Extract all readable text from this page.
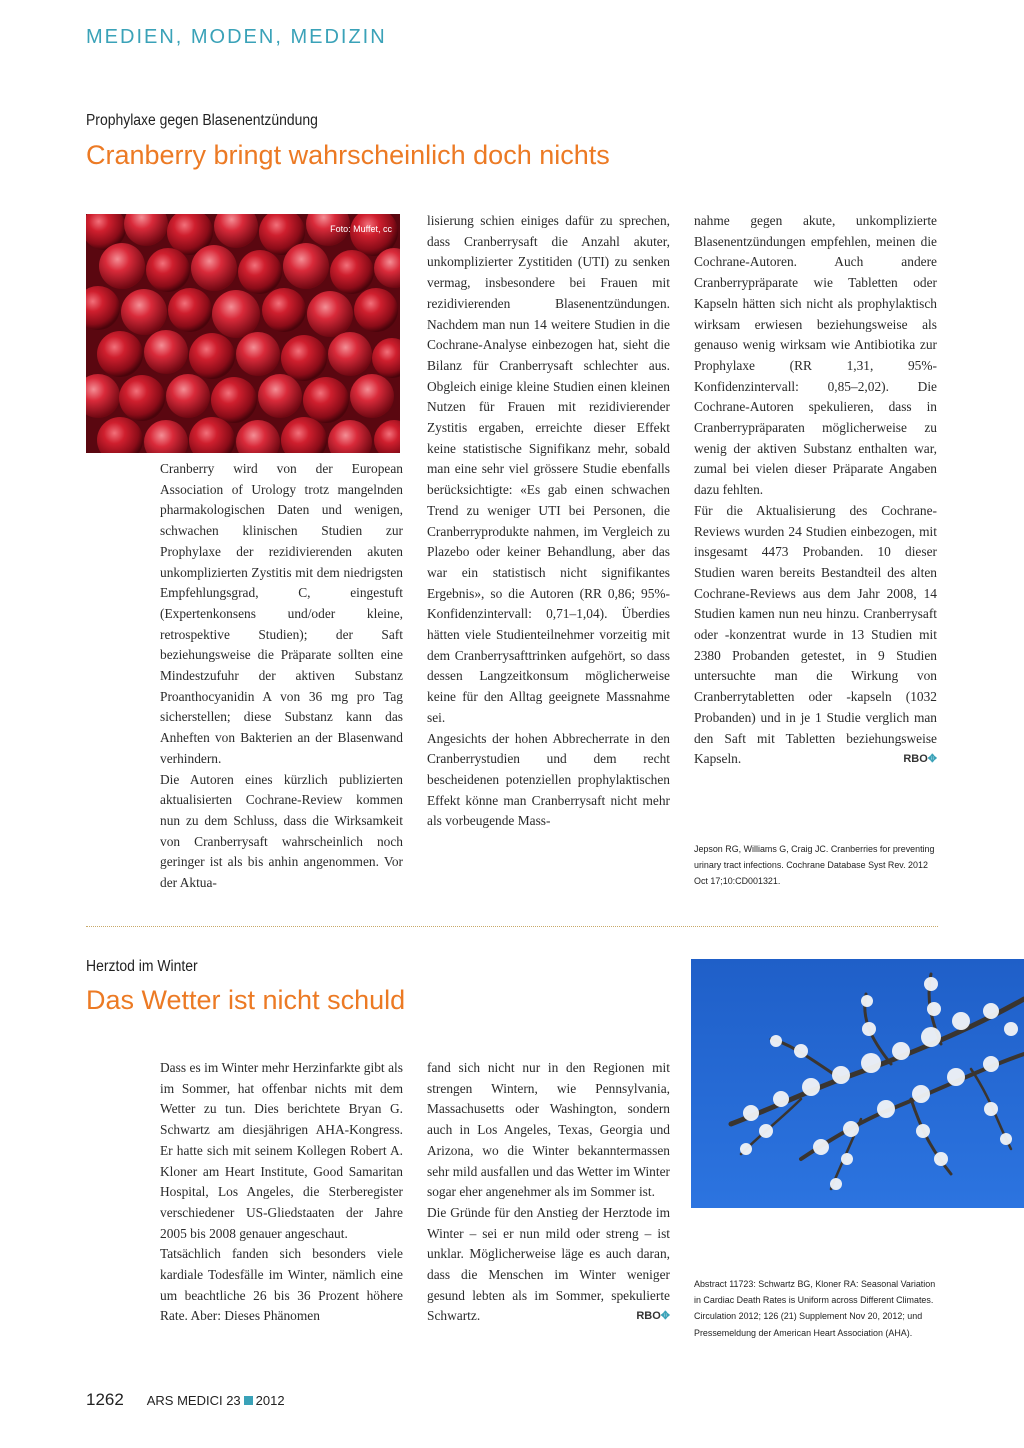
MEDIEN, MODEN, MEDIZIN
Prophylaxe gegen Blasenentzündung
Cranberry bringt wahrscheinlich doch nichts
Foto: Muffet, cc

Cranberry wird von der European Association of Urology trotz mangelnden pharmakologischen Daten und wenigen, schwachen klinischen Studien zur Prophylaxe der rezidivierenden akuten unkomplizierten Zystitis mit dem niedrigsten Empfehlungsgrad, C, eingestuft (Expertenkonsens und/oder kleine, retrospektive Studien); der Saft beziehungsweise die Präparate sollten eine Mindestzufuhr der aktiven Substanz Proanthocyanidin A von 36 mg pro Tag sicherstellen; diese Substanz kann das Anheften von Bakterien an der Blasenwand verhindern.

Die Autoren eines kürzlich publizierten aktualisierten Cochrane-Review kommen nun zu dem Schluss, dass die Wirksamkeit von Cranberrysaft wahrscheinlich noch geringer ist als bis anhin angenommen. Vor der Aktua-

lisierung schien einiges dafür zu sprechen, dass Cranberrysaft die Anzahl akuter, unkomplizierter Zystitiden (UTI) zu senken vermag, insbesondere bei Frauen mit rezidivierenden Blasenentzündungen. Nachdem man nun 14 weitere Studien in die Cochrane-Analyse einbezogen hat, sieht die Bilanz für Cranberrysaft schlechter aus. Obgleich einige kleine Studien einen kleinen Nutzen für Frauen mit rezidivierender Zystitis ergaben, erreichte dieser Effekt keine statistische Signifikanz mehr, sobald man eine sehr viel grössere Studie ebenfalls berücksichtigte: «Es gab einen schwachen Trend zu weniger UTI bei Personen, die Cranberryprodukte nahmen, im Vergleich zu Plazebo oder keiner Behandlung, aber das war ein statistisch nicht signifikantes Ergebnis», so die Autoren (RR 0,86; 95%-Konfidenzintervall: 0,71–1,04). Überdies hätten viele Studienteilnehmer vorzeitig mit dem Cranberrysafttrinken aufgehört, so dass dessen Langzeitkonsum möglicherweise keine für den Alltag geeignete Massnahme sei.

Angesichts der hohen Abbrecherrate in den Cranberrystudien und dem recht bescheidenen potenziellen prophylaktischen Effekt könne man Cranberrysaft nicht mehr als vorbeugende Mass-

nahme gegen akute, unkomplizierte Blasenentzündungen empfehlen, meinen die Cochrane-Autoren. Auch andere Cranberrypräparate wie Tabletten oder Kapseln hätten sich nicht als prophylaktisch wirksam erwiesen beziehungsweise als genauso wenig wirksam wie Antibiotika zur Prophylaxe (RR 1,31, 95%-Konfidenzintervall: 0,85–2,02). Die Cochrane-Autoren spekulieren, dass in Cranberrypräparaten möglicherweise zu wenig der aktiven Substanz enthalten war, zumal bei vielen dieser Präparate Angaben dazu fehlten.

Für die Aktualisierung des Cochrane-Reviews wurden 24 Studien einbezogen, mit insgesamt 4473 Probanden. 10 dieser Studien waren bereits Bestandteil des alten Cochrane-Reviews aus dem Jahr 2008, 14 Studien kamen nun neu hinzu. Cranberrysaft oder -konzentrat wurde in 13 Studien mit 2380 Probanden getestet, in 9 Studien untersuchte man die Wirkung von Cranberrytabletten oder -kapseln (1032 Probanden) und in je 1 Studie verglich man den Saft mit Tabletten beziehungsweise Kapseln.	RBO✥

Jepson RG, Williams G, Craig JC. Cranberries for preventing urinary tract infections. Cochrane Database Syst Rev. 2012 Oct 17;10:CD001321.
Herztod im Winter
Das Wetter ist nicht schuld

Dass es im Winter mehr Herzinfarkte gibt als im Sommer, hat offenbar nichts mit dem Wetter zu tun. Dies berichtete Bryan G. Schwartz am diesjährigen AHA-Kongress. Er hatte sich mit seinem Kollegen Robert A. Kloner am Heart Institute, Good Samaritan Hospital, Los Angeles, die Sterberegister verschiedener US-Gliedstaaten der Jahre 2005 bis 2008 genauer angeschaut.

Tatsächlich fanden sich besonders viele kardiale Todesfälle im Winter, nämlich eine um beachtliche 26 bis 36 Prozent höhere Rate. Aber: Dieses Phänomen

fand sich nicht nur in den Regionen mit strengen Wintern, wie Pennsylvania, Massachusetts oder Washington, sondern auch in Los Angeles, Texas, Georgia und Arizona, wo die Winter bekanntermassen sehr mild ausfallen und das Wetter im Winter sogar eher angenehmer als im Sommer ist.

Die Gründe für den Anstieg der Herztode im Winter – sei er nun mild oder streng – ist unklar. Möglicherweise läge es auch daran, dass die Menschen im Winter weniger gesund lebten als im Sommer, spekulierte Schwartz.	RBO✥

Abstract 11723: Schwartz BG, Kloner RA: Seasonal Variation in Cardiac Death Rates is Uniform across Different Climates. Circulation 2012; 126 (21) Supplement Nov 20, 2012; und Pressemeldung der American Heart Association (AHA).
1262 ARS MEDICI 23 2012
